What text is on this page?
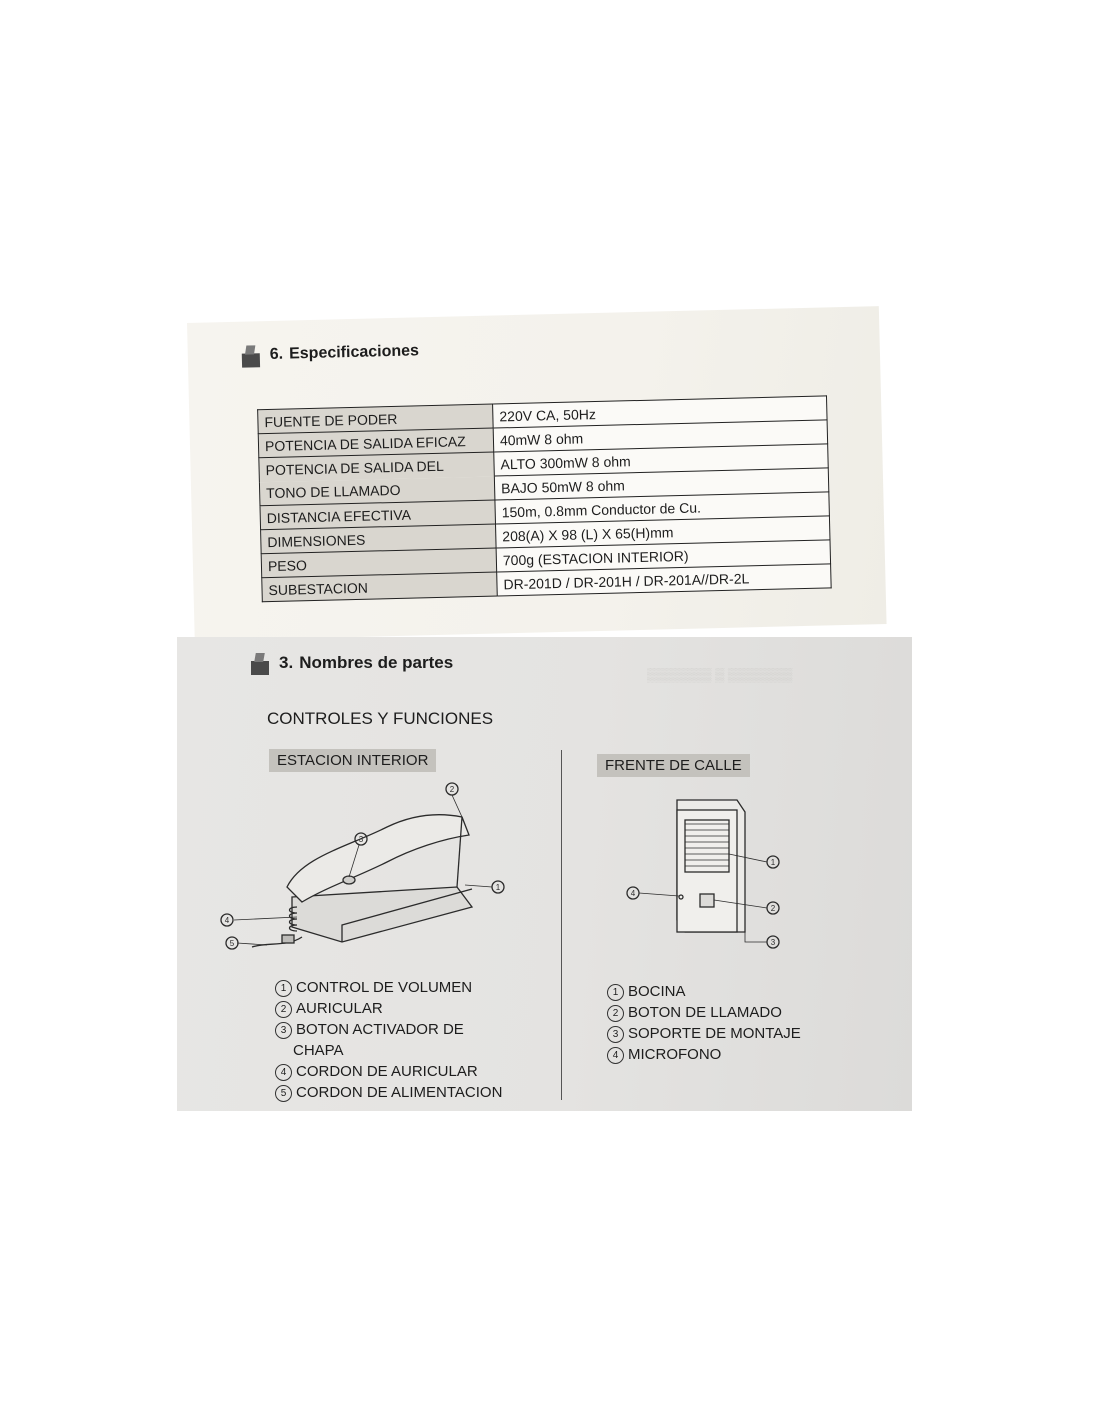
6. Especificaciones
FUENTE DE PODER	220V CA, 50Hz
POTENCIA DE SALIDA EFICAZ	40mW 8 ohm
POTENCIA DE SALIDA DEL	ALTO 300mW 8 ohm
TONO DE LLAMADO	BAJO 50mW 8 ohm
DISTANCIA EFECTIVA	150m, 0.8mm Conductor de Cu.
DIMENSIONES	208(A) X 98 (L) X 65(H)mm
PESO	700g (ESTACION INTERIOR)
SUBESTACION	DR-201D / DR-201H / DR-201A//DR-2L
▒▒▒▒▒▒▒ ▒ ▒▒▒▒▒▒▒
3. Nombres de partes
CONTROLES Y FUNCIONES
ESTACION INTERIOR	FRENTE DE CALLE
2
3
1
4
5
1
2
3
4
1 CONTROL DE VOLUMEN
2 AURICULAR
3 BOTON ACTIVADOR DE
CHAPA
4 CORDON DE AURICULAR
5 CORDON DE ALIMENTACION
1 BOCINA
2 BOTON DE LLAMADO
3 SOPORTE DE MONTAJE
4 MICROFONO
